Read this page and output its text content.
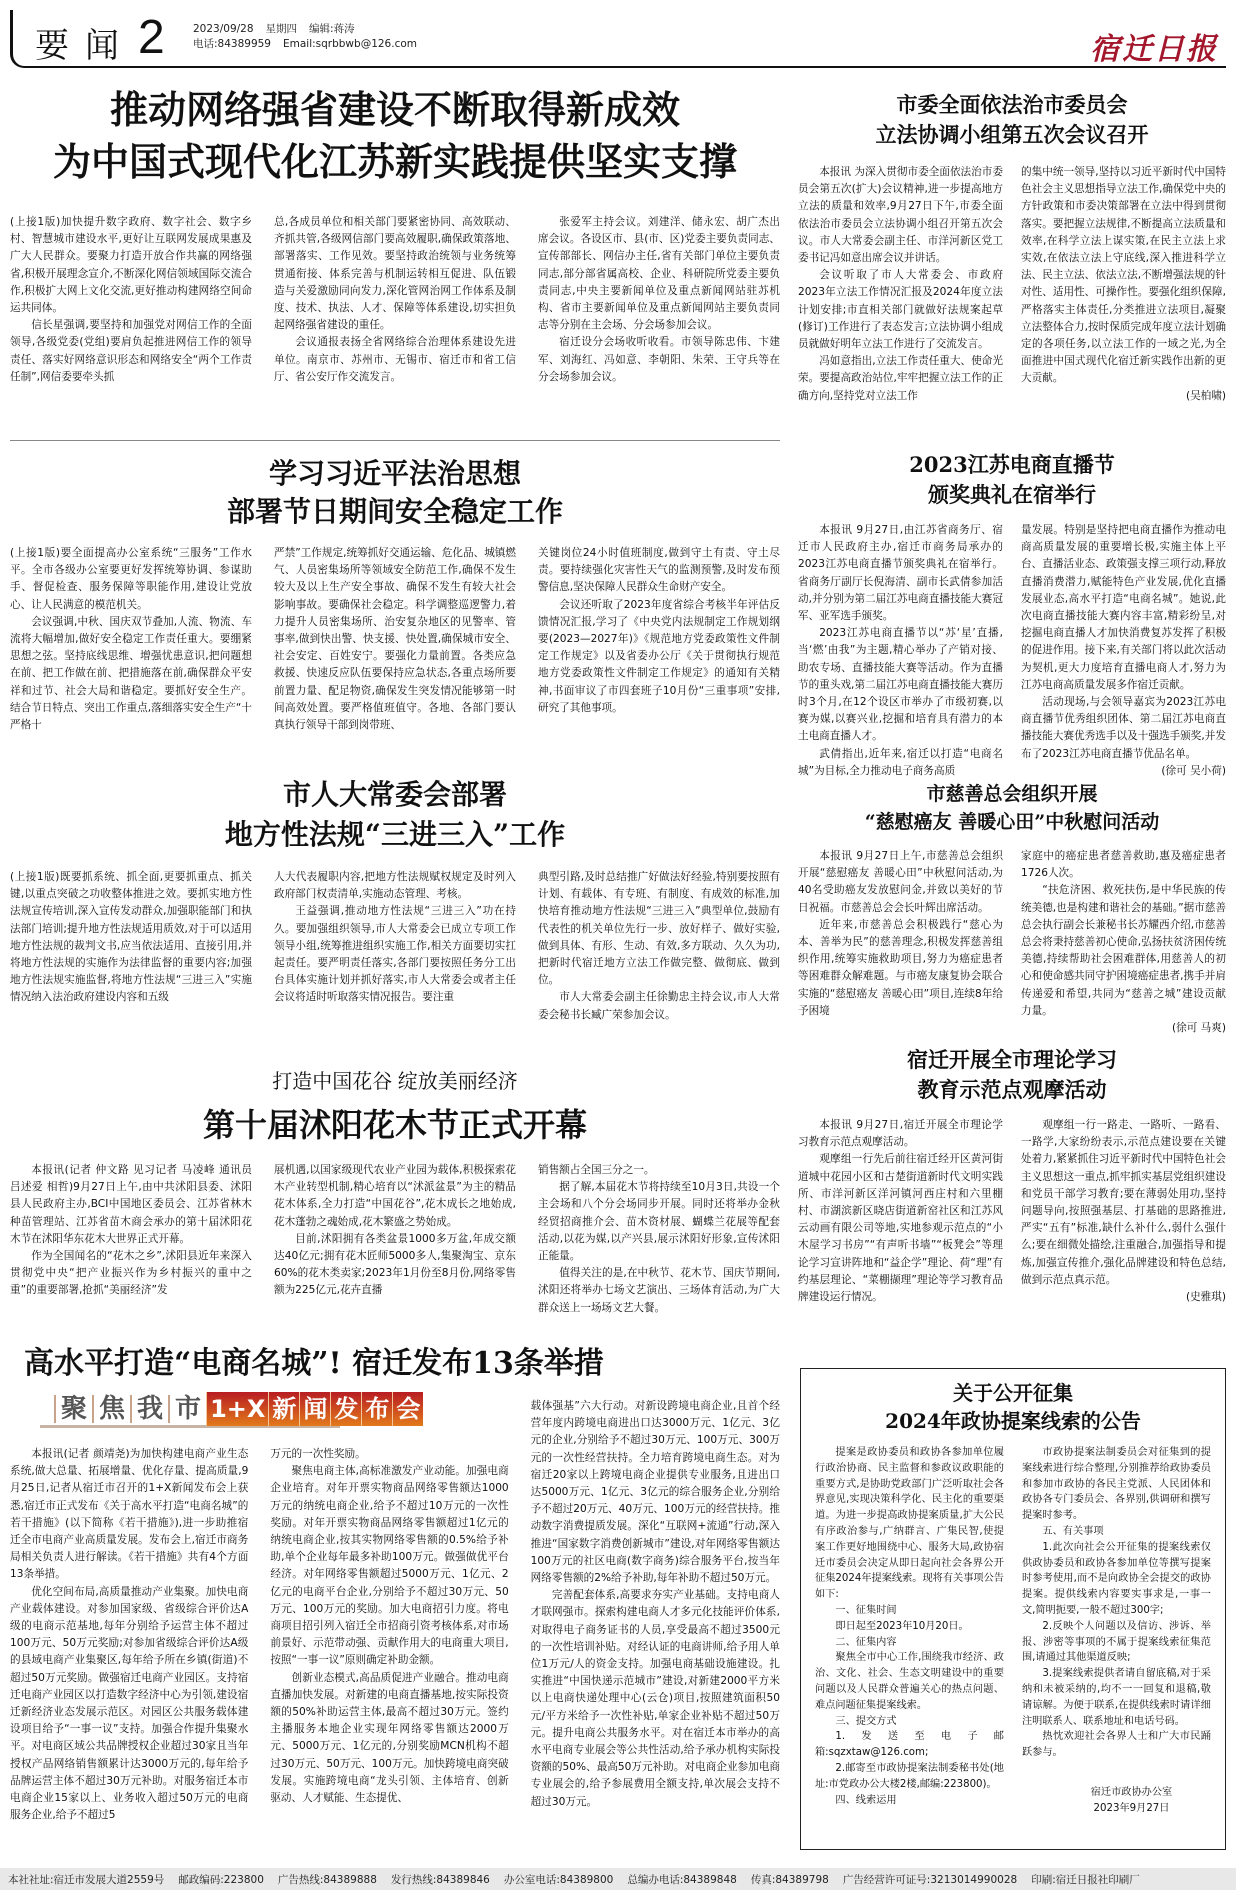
要闻 2	2023/09/28 星期四 编辑:蒋涛
电话:84389959 Email:sqrbbwb@126.com	宿迁日报
推动网络强省建设不断取得新成效
为中国式现代化江苏新实践提供坚实支撑

(上接1版)加快提升数字政府、数字社会、数字乡村、智慧城市建设水平,更好让互联网发展成果惠及广大人民群众。要聚力打造开放合作共赢的网络强省,积极开展理念宣介,不断深化网信领域国际交流合作,积极扩大网上文化交流,更好推动构建网络空间命运共同体。

信长星强调,要坚持和加强党对网信工作的全面领导,各级党委(党组)要肩负起推进网信工作的领导责任、落实好网络意识形态和网络安全“两个工作责任制”,网信委要牵头抓

总,各成员单位和相关部门要紧密协同、高效联动、齐抓共管,各级网信部门要高效履职,确保政策落地、部署落实、工作见效。要坚持政治统领与业务统筹贯通衔接、体系完善与机制运转相互促进、队伍锻造与关爱激励同向发力,深化管网治网工作体系及制度、技术、执法、人才、保障等体系建设,切实担负起网络强省建设的重任。

会议通报表扬全省网络综合治理体系建设先进单位。南京市、苏州市、无锡市、宿迁市和省工信厅、省公安厅作交流发言。

张爱军主持会议。刘建洋、储永宏、胡广杰出席会议。各设区市、县(市、区)党委主要负责同志、宣传部部长、网信办主任,省有关部门单位主要负责同志,部分部省属高校、企业、科研院所党委主要负责同志,中央主要新闻单位及重点新闻网站驻苏机构、省市主要新闻单位及重点新闻网站主要负责同志等分别在主会场、分会场参加会议。

宿迁设分会场收听收看。市领导陈忠伟、卞建军、刘海红、冯如意、李朝阳、朱荣、王守兵等在分会场参加会议。

市委全面依法治市委员会
立法协调小组第五次会议召开

本报讯 为深入贯彻市委全面依法治市委员会第五次(扩大)会议精神,进一步提高地方立法的质量和效率,9月27日下午,市委全面依法治市委员会立法协调小组召开第五次会议。市人大常委会副主任、市洋河新区党工委书记冯如意出席会议并讲话。

会议听取了市人大常委会、市政府2023年立法工作情况汇报及2024年度立法计划安排;市直相关部门就做好法规案起草(修订)工作进行了表态发言;立法协调小组成员就做好明年立法工作进行了交流发言。

冯如意指出,立法工作责任重大、使命光荣。要提高政治站位,牢牢把握立法工作的正确方向,坚持党对立法工作

的集中统一领导,坚持以习近平新时代中国特色社会主义思想指导立法工作,确保党中央的方针政策和市委决策部署在立法中得到贯彻落实。要把握立法规律,不断提高立法质量和效率,在科学立法上谋实策,在民主立法上求实效,在依法立法上守底线,深入推进科学立法、民主立法、依法立法,不断增强法规的针对性、适用性、可操作性。要强化组织保障,严格落实主体责任,分类推进立法项目,凝聚立法整体合力,按时保质完成年度立法计划确定的各项任务,以立法工作的一域之光,为全面推进中国式现代化宿迁新实践作出新的更大贡献。

(吴柏啸)
学习习近平法治思想
部署节日期间安全稳定工作

(上接1版)要全面提高办公室系统“三服务”工作水平。全市各级办公室要更好发挥统筹协调、参谋助手、督促检查、服务保障等职能作用,建设让党放心、让人民满意的模范机关。

会议强调,中秋、国庆双节叠加,人流、物流、车流将大幅增加,做好安全稳定工作责任重大。要绷紧思想之弦。坚持底线思维、增强忧患意识,把问题想在前、把工作做在前、把措施落在前,确保群众平安祥和过节、社会大局和谐稳定。要抓好安全生产。结合节日特点、突出工作重点,落细落实安全生产“十严格十

严禁”工作规定,统筹抓好交通运输、危化品、城镇燃气、人员密集场所等领域安全防范工作,确保不发生较大及以上生产安全事故、确保不发生有较大社会影响事故。要确保社会稳定。科学调整巡逻警力,着力提升人员密集场所、治安复杂地区的见警率、管事率,做到快出警、快支援、快处置,确保城市安全、社会安定、百姓安宁。要强化力量前置。各类应急救援、快速反应队伍要保持应急状态,各重点场所要前置力量、配足物资,确保发生突发情况能够第一时间高效处置。要严格值班值守。各地、各部门要认真执行领导干部到岗带班、

关键岗位24小时值班制度,做到守土有责、守土尽责。要持续强化灾害性天气的监测预警,及时发布预警信息,坚决保障人民群众生命财产安全。

会议还听取了2023年度省综合考核半年评估反馈情况汇报,学习了《中央党内法规制定工作规划纲要(2023—2027年)》《规范地方党委政策性文件制定工作规定》以及省委办公厅《关于贯彻执行规范地方党委政策性文件制定工作规定》的通知有关精神,书面审议了市四套班子10月份“三重事项”安排,研究了其他事项。

2023江苏电商直播节
颁奖典礼在宿举行

本报讯 9月27日,由江苏省商务厅、宿迁市人民政府主办,宿迁市商务局承办的2023江苏电商直播节颁奖典礼在宿举行。省商务厅副厅长倪海清、副市长武倩参加活动,并分别为第二届江苏电商直播技能大赛冠军、亚军选手颁奖。

2023江苏电商直播节以“苏‘星’直播,当‘燃’由我”为主题,精心举办了产销对接、助农专场、直播技能大赛等活动。作为直播节的重头戏,第二届江苏电商直播技能大赛历时3个月,在12个设区市举办了市级初赛,以赛为媒,以赛兴业,挖掘和培育具有潜力的本土电商直播人才。

武倩指出,近年来,宿迁以打造“电商名城”为目标,全力推动电子商务高质

量发展。特别是坚持把电商直播作为推动电商高质量发展的重要增长极,实施主体上平台、直播活业态、政策强支撑三项行动,释放直播消费潜力,赋能特色产业发展,优化直播发展业态,高水平打造“电商名城”。她说,此次电商直播技能大赛内容丰富,精彩纷呈,对挖掘电商直播人才加快消费复苏发挥了积极的促进作用。接下来,有关部门将以此次活动为契机,更大力度培育直播电商人才,努力为江苏电商高质量发展多作宿迁贡献。

活动现场,与会领导嘉宾为2023江苏电商直播节优秀组织团体、第二届江苏电商直播技能大赛优秀选手以及十强选手颁奖,并发布了2023江苏电商直播节优品名单。

(徐可 吴小荷)
市人大常委会部署
地方性法规“三进三入”工作

(上接1版)既要抓系统、抓全面,更要抓重点、抓关键,以重点突破之功收整体推进之效。要抓实地方性法规宣传培训,深入宣传发动群众,加强职能部门和执法部门培训;提升地方性法规适用质效,对于可以适用地方性法规的裁判文书,应当依法适用、直接引用,并将地方性法规的实施作为法律监督的重要内容;加强地方性法规实施监督,将地方性法规“三进三入”实施情况纳入法治政府建设内容和五级

人大代表履职内容,把地方性法规赋权规定及时列入政府部门权责清单,实施动态管理、考核。

王益强调,推动地方性法规“三进三入”功在持久。要加强组织领导,市人大常委会已成立专项工作领导小组,统筹推进组织实施工作,相关方面要切实扛起责任。要严明责任落实,各部门要按照任务分工出台具体实施计划并抓好落实,市人大常委会或者主任会议将适时听取落实情况报告。要注重

典型引路,及时总结推广好做法好经验,特别要按照有计划、有载体、有专班、有制度、有成效的标准,加快培育推动地方性法规“三进三入”典型单位,鼓励有代表性的机关单位先行一步、放好样子、做好实验,做到具体、有形、生动、有效,多方联动、久久为功,把新时代宿迁地方立法工作做完整、做彻底、做到位。

市人大常委会副主任徐勤忠主持会议,市人大常委会秘书长臧广荣参加会议。

市慈善总会组织开展
“慈慰癌友 善暖心田”中秋慰问活动

本报讯 9月27日上午,市慈善总会组织开展“慈慰癌友 善暖心田”中秋慰问活动,为40名受助癌友发放慰问金,并致以美好的节日祝福。市慈善总会会长叶辉出席活动。

近年来,市慈善总会积极践行“慈心为本、善举为民”的慈善理念,积极发挥慈善组织作用,统筹实施救助项目,努力为癌症患者等困难群众解难题。与市癌友康复协会联合实施的“慈慰癌友 善暖心田”项目,连续8年给予困境

家庭中的癌症患者慈善救助,惠及癌症患者1726人次。

“扶危济困、救死扶伤,是中华民族的传统美德,也是构建和谐社会的基础。”据市慈善总会执行副会长兼秘书长苏耀西介绍,市慈善总会将秉持慈善初心使命,弘扬扶贫济困传统美德,持续帮助社会困难群体,用慈善人的初心和使命感共同守护困境癌症患者,携手并肩传递爱和希望,共同为“慈善之城”建设贡献力量。

(徐可 马爽)
打造中国花谷 绽放美丽经济
第十届沭阳花木节正式开幕

本报讯(记者 仲文路 见习记者 马凌峰 通讯员 吕述爱 相哲)9月27日上午,由中共沭阳县委、沭阳县人民政府主办,BCI中国地区委员会、江苏省林木种苗管理站、江苏省苗木商会承办的第十届沭阳花木节在沭阳华东花木大世界正式开幕。

作为全国闻名的“花木之乡”,沭阳县近年来深入贯彻党中央“把产业振兴作为乡村振兴的重中之重”的重要部署,抢抓“美丽经济”发

展机遇,以国家级现代农业产业园为载体,积极探索花木产业转型机制,精心培育以“沭派盆景”为主的精品花木体系,全力打造“中国花谷”,花木成长之地始成,花木蓬勃之魂始成,花木繁盛之势始成。

目前,沭阳拥有各类盆景1000多万盆,年成交额达40亿元;拥有花木匠师5000多人,集聚淘宝、京东60%的花木类卖家;2023年1月份至8月份,网络零售额为225亿元,花卉直播

销售额占全国三分之一。

据了解,本届花木节将持续至10月3日,共设一个主会场和八个分会场同步开展。同时还将举办金秋经贸招商推介会、苗木资材展、蝴蝶兰花展等配套活动,以花为媒,以产兴县,展示沭阳好形象,宣传沭阳正能量。

值得关注的是,在中秋节、花木节、国庆节期间,沭阳还将举办七场文艺演出、三场体育活动,为广大群众送上一场场文艺大餐。

宿迁开展全市理论学习
教育示范点观摩活动

本报讯 9月27日,宿迁开展全市理论学习教育示范点观摩活动。

观摩组一行先后前往宿迁经开区黄河街道城中花园小区和古楚街道新时代文明实践所、市洋河新区洋河镇河西庄村和六里棚村、市湖滨新区晓店街道新窑社区和江苏风云动画有限公司等地,实地参观示范点的“小木屋学习书房”“有声听书墙”“板凳会”等理论学习宣讲阵地和“益企学”理论、荷“理”有约基层理论、“菜棚撷理”理论等学习教育品牌建设运行情况。

观摩组一行一路走、一路听、一路看、一路学,大家纷纷表示,示范点建设要在关键处着力,紧紧抓住习近平新时代中国特色社会主义思想这一重点,抓牢抓实基层党组织建设和党员干部学习教育;要在薄弱处用功,坚持问题导向,按照强基层、打基础的思路推进,严实“五有”标准,缺什么补什么,弱什么强什么;要在细微处描绘,注重融合,加强指导和提炼,加强宣传推介,强化品牌建设和特色总结,做到示范点真示范。

(史雅琪)
高水平打造“电商名城”! 宿迁发布13条举措
聚 焦 我 市 1+X 新 闻 发 布 会

本报讯(记者 颜靖尧)为加快构建电商产业生态系统,做大总量、拓展增量、优化存量、提高质量,9月25日,记者从宿迁市召开的1+X新闻发布会上获悉,宿迁市正式发布《关于高水平打造“电商名城”的若干措施》(以下简称《若干措施》),进一步助推宿迁全市电商产业高质量发展。发布会上,宿迁市商务局相关负责人进行解读。《若干措施》共有4个方面13条举措。

优化空间布局,高质量推动产业集聚。加快电商产业载体建设。对参加国家级、省级综合评价达A级的电商示范基地,每年分别给予运营主体不超过100万元、50万元奖励;对参加省级综合评价达A级的县域电商产业集聚区,每年给予所在乡镇(街道)不超过50万元奖励。做强宿迁电商产业园区。支持宿迁电商产业园区以打造数字经济中心为引领,建设宿迁新经济业态发展示范区。对园区公共服务载体建设项目给予“一事一议”支持。加强合作提升集聚水平。对电商区域公共品牌授权企业超过30家且当年授权产品网络销售额累计达3000万元的,每年给予品牌运营主体不超过30万元补助。对服务宿迁本市电商企业15家以上、业务收入超过50万元的电商服务企业,给予不超过5

万元的一次性奖励。

聚焦电商主体,高标准激发产业动能。加强电商企业培育。对年开票实物商品网络零售额达1000万元的纳统电商企业,给予不超过10万元的一次性奖励。对年开票实物商品网络零售额超过1亿元的纳统电商企业,按其实物网络零售额的0.5%给予补助,单个企业每年最多补助100万元。做强做优平台经济。对年网络零售额超过5000万元、1亿元、2亿元的电商平台企业,分别给予不超过30万元、50万元、100万元的奖励。加大电商招引力度。将电商项目招引列入宿迁全市招商引资考核体系,对市场前景好、示范带动强、贡献作用大的电商重大项目,按照“一事一议”原则确定补助金额。

创新业态模式,高品质促进产业融合。推动电商直播加快发展。对新建的电商直播基地,按实际投资额的50%补助运营主体,最高不超过30万元。签约主播服务本地企业实现年网络零售额达2000万元、5000万元、1亿元的,分别奖励MCN机构不超过30万元、50万元、100万元。加快跨境电商突破发展。实施跨境电商“龙头引领、主体培育、创新驱动、人才赋能、生态提优、

载体强基”六大行动。对新设跨境电商企业,且首个经营年度内跨境电商进出口达3000万元、1亿元、3亿元的企业,分别给予不超过30万元、100万元、300万元的一次性经营扶持。全力培育跨境电商生态。对为宿迁20家以上跨境电商企业提供专业服务,且进出口达5000万元、1亿元、3亿元的综合服务企业,分别给予不超过20万元、40万元、100万元的经营扶持。推动数字消费提质发展。深化“互联网+流通”行动,深入推进“国家数字消费创新城市”建设,对年网络零售额达100万元的社区电商(数字商务)综合服务平台,按当年网络零售额的2%给予补助,每年补助不超过50万元。

完善配套体系,高要求夯实产业基础。支持电商人才联网强市。探索构建电商人才多元化技能评价体系,对取得电子商务证书的人员,享受最高不超过3500元的一次性培训补贴。对经认证的电商讲师,给予用人单位1万元/人的资金支持。加强电商基础设施建设。扎实推进“中国快递示范城市”建设,对新建2000平方米以上电商快递处理中心(云仓)项目,按照建筑面积50元/平方米给予一次性补贴,单家企业补贴不超过50万元。提升电商公共服务水平。对在宿迁本市举办的高水平电商专业展会等公共性活动,给予承办机构实际投资额的50%、最高50万元补助。对电商企业参加电商专业展会的,给予参展费用全额支持,单次展会支持不超过30万元。

关于公开征集
2024年政协提案线索的公告

提案是政协委员和政协各参加单位履行政治协商、民主监督和参政议政职能的重要方式,是协助党政部门广泛听取社会各界意见,实现决策科学化、民主化的重要渠道。为进一步提高政协提案质量,扩大公民有序政治参与,广纳群言、广集民智,使提案工作更好地围绕中心、服务大局,政协宿迁市委员会决定从即日起向社会各界公开征集2024年提案线索。现将有关事项公告如下:

一、征集时间

即日起至2023年10月20日。

二、征集内容

聚焦全市中心工作,围绕我市经济、政治、文化、社会、生态文明建设中的重要问题以及人民群众普遍关心的热点问题、难点问题征集提案线索。

三、提交方式

1.发送至电子邮箱:sqzxtaw@126.com;

2.邮寄至市政协提案法制委秘书处(地址:市党政办公大楼2楼,邮编:223800)。

四、线索运用

市政协提案法制委员会对征集到的提案线索进行综合整理,分别推荐给政协委员和参加市政协的各民主党派、人民团体和政协各专门委员会、各界别,供调研和撰写提案时参考。

五、有关事项

1.此次向社会公开征集的提案线索仅供政协委员和政协各参加单位等撰写提案时参考使用,而不是向政协全会提交的政协提案。提供线索内容要实事求是,一事一文,简明扼要,一般不超过300字;

2.反映个人问题以及信访、涉诉、举报、涉密等事项的不属于提案线索征集范围,请通过其他渠道反映;

3.提案线索提供者请自留底稿,对于采纳和未被采纳的,均不一一回复和退稿,敬请谅解。为便于联系,在提供线索时请详细注明联系人、联系地址和电话号码。

热忱欢迎社会各界人士和广大市民踊跃参与。

宿迁市政协办公室
2023年9月27日
本社社址:宿迁市发展大道2559号 邮政编码:223800 广告热线:84389888 发行热线:84389846 办公室电话:84389800 总编办电话:84389848 传真:84389798 广告经营许可证号:3213014990028 印刷:宿迁日报社印刷厂
